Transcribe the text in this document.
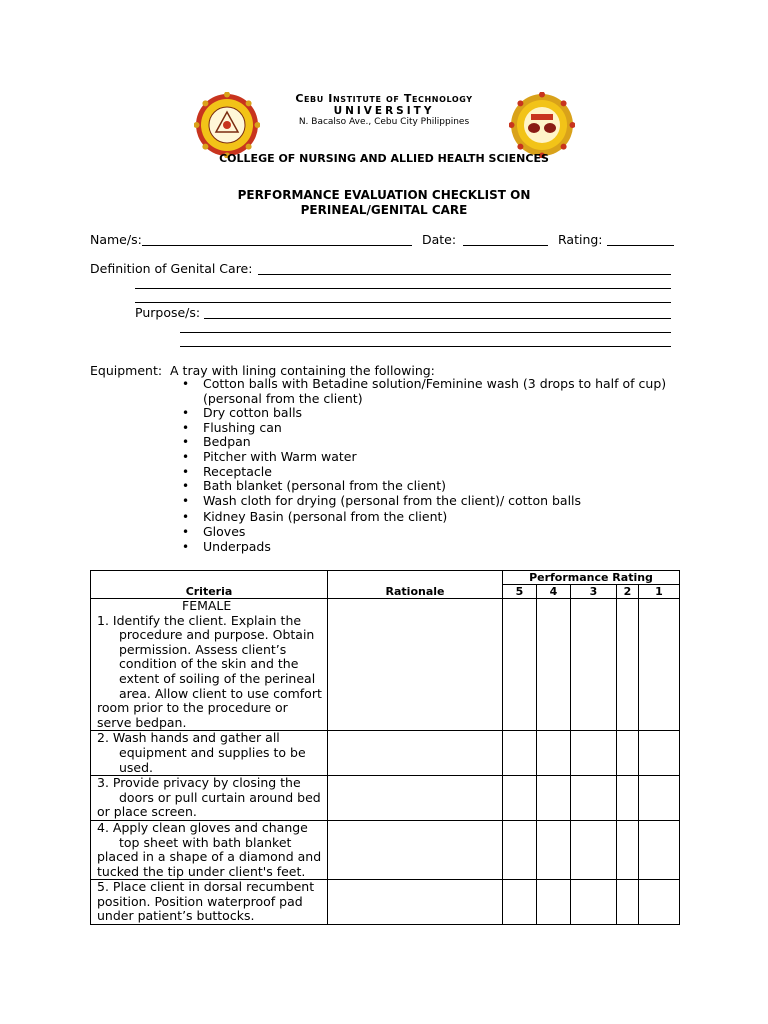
Cebu Institute of Technology
UNIVERSITY
N. Bacalso Ave., Cebu City Philippines
COLLEGE OF NURSING AND ALLIED HEALTH SCIENCES
PERFORMANCE EVALUATION CHECKLIST ON
PERINEAL/GENITAL CARE
Name/s:	Date:	Rating:
Definition of Genital Care:
Purpose/s:
Equipment: A tray with lining containing the following:
• Cotton balls with Betadine solution/Feminine wash (3 drops to half of cup) (personal from the client)
• Dry cotton balls
• Flushing can
• Bedpan
• Pitcher with Warm water
• Receptacle
• Bath blanket (personal from the client)
• Wash cloth for drying (personal from the client)/ cotton balls
• Kidney Basin (personal from the client)
• Gloves
• Underpads
Criteria	Rationale	Performance Rating				
		5	4	3	2	1

FEMALE
1. Identify the client. Explain the
procedure and purpose. Obtain permission. Assess client’s condition of the skin and the extent of soiling of the perineal area. Allow client to use comfort
room prior to the procedure or serve bedpan.						

2. Wash hands and gather all
equipment and supplies to be used.						

3. Provide privacy by closing the
doors or pull curtain around bed
or place screen.						

4. Apply clean gloves and change
top sheet with bath blanket
placed in a shape of a diamond and tucked the tip under client's feet.						

5. Place client in dorsal recumbent position. Position waterproof pad under patient’s buttocks.						
